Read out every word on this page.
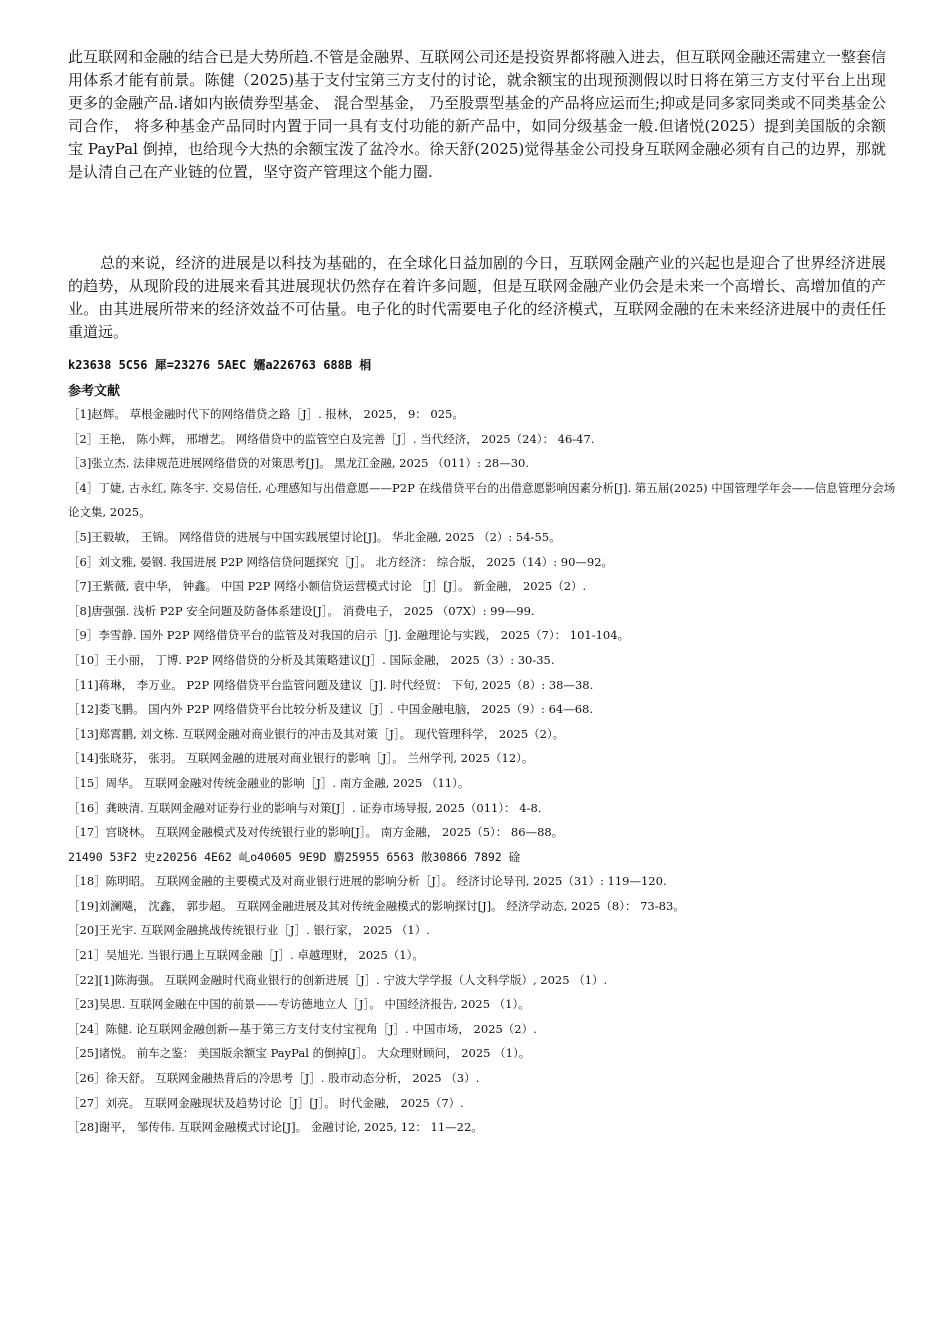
此互联网和金融的结合已是大势所趋.不管是金融界、互联网公司还是投资界都将融入进去，但互联网金融还需建立一整套信用体系才能有前景。陈健（2025)基于支付宝第三方支付的讨论，就余额宝的出现预测假以时日将在第三方支付平台上出现更多的金融产品.诸如内嵌债券型基金、 混合型基金， 乃至股票型基金的产品将应运而生;抑或是同多家同类或不同类基金公司合作， 将多种基金产品同时内置于同一具有支付功能的新产品中，如同分级基金一般.但诸悦(2025）提到美国版的余额宝 PayPal 倒掉，也给现今大热的余额宝泼了盆冷水。徐天舒(2025)觉得基金公司投身互联网金融必须有自己的边界，那就是认清自己在产业链的位置，坚守资产管理这个能力圈.

总的来说，经济的进展是以科技为基础的，在全球化日益加剧的今日，互联网金融产业的兴起也是迎合了世界经济进展的趋势，从现阶段的进展来看其进展现状仍然存在着许多问题，但是互联网金融产业仍会是未来一个高增长、高增加值的产业。由其进展所带来的经济效益不可估量。电子化的时代需要电子化的经济模式，互联网金融的在未来经济进展中的责任任重道远。

k23638 5C56 犀=23276 5AEC 嬬a226763 688B 梋

参考文献
［1]赵辉。 草根金融时代下的网络借贷之路［J］. 报林， 2025， 9： 025。
［2］王艳， 陈小辉， 邢增艺。 网络借贷中的监管空白及完善［J］. 当代经济， 2025（24）： 46-47.
［3]张立杰. 法律规范进展网络借贷的对策思考[J]。 黑龙江金融, 2025 （011）: 28—30.
［4］丁婕, 古永红, 陈冬宇. 交易信任, 心理感知与出借意愿——P2P 在线借贷平台的出借意愿影响因素分析[J]. 第五届(2025) 中国管理学年会——信息管理分会场论文集, 2025。
［5]王毅敏， 王锦。 网络借贷的进展与中国实践展望讨论[J]。 华北金融, 2025 （2）: 54-55。
［6］刘文雅, 晏钢. 我国进展 P2P 网络信贷问题探究［J］。 北方经济： 综合版， 2025（14）: 90—92。
［7]王紫薇, 袁中华， 钟鑫。 中国 P2P 网络小额信贷运营模式讨论 ［J］[J］。 新金融， 2025（2）.
［8]唐强强. 浅析 P2P 安全问题及防备体系建设[J］。 消费电子， 2025 （07X）: 99—99.
［9］李雪静. 国外 P2P 网络借贷平台的监管及对我国的启示［J]. 金融理论与实践， 2025（7）： 101-104。
［10］王小丽， 丁博. P2P 网络借贷的分析及其策略建议[J］. 国际金融， 2025（3）: 30-35.
［11]蒋琳， 李万业。 P2P 网络借贷平台监管问题及建议［J]. 时代经贸： 下旬, 2025（8）: 38—38.
［12]娄飞鹏。 国内外 P2P 网络借贷平台比较分析及建议［J］. 中国金融电脑， 2025（9）: 64—68.
［13]郑霄鹏, 刘文栋. 互联网金融对商业银行的冲击及其对策［J］。 现代管理科学， 2025（2）。
［14]张晓芬， 张羽。 互联网金融的进展对商业银行的影响［J］。 兰州学刊, 2025（12）。
［15］周华。 互联网金融对传统金融业的影响［J］. 南方金融, 2025 （11）。
［16］龚映清. 互联网金融对证券行业的影响与对策[J］. 证券市场导报, 2025（011）： 4-8.
［17］宫晓林。 互联网金融模式及对传统银行业的影响[J］。 南方金融， 2025（5）： 86—88。
21490 53F2 史z20256 4E62 乢o40605 9E9D 麝25955 6563 散30866 7892 碒
［18］陈明昭。 互联网金融的主要模式及对商业银行进展的影响分析［J］。 经济讨论导刊, 2025（31）: 119—120.
［19]刘澜飚， 沈鑫， 郭步超。 互联网金融进展及其对传统金融模式的影响探讨[J]。 经济学动态, 2025（8）： 73-83。
［20]王光宇. 互联网金融挑战传统银行业［J］. 银行家， 2025 （1）.
［21］吴旭光. 当银行遇上互联网金融［J］. 卓越理财， 2025（1）。
［22][1]陈海强。 互联网金融时代商业银行的创新进展［J］. 宁波大学学报（人文科学版）, 2025 （1）.
［23]吴思. 互联网金融在中国的前景——专访德地立人［J］。 中国经济报告, 2025 （1）。
［24］陈健. 论互联网金融创新—基于第三方支付支付宝视角［J］. 中国市场， 2025（2）.
［25]诸悦。 前车之鉴： 美国版余额宝 PayPal 的倒掉[J］。 大众理财顾问， 2025 （1）。
［26］徐天舒。 互联网金融热背后的冷思考［J］. 股市动态分析， 2025 （3）.
［27］刘亮。 互联网金融现状及趋势讨论［J］[J］。 时代金融， 2025（7）.
［28]谢平， 邹传伟. 互联网金融模式讨论[J]。 金融讨论, 2025, 12： 11—22。
